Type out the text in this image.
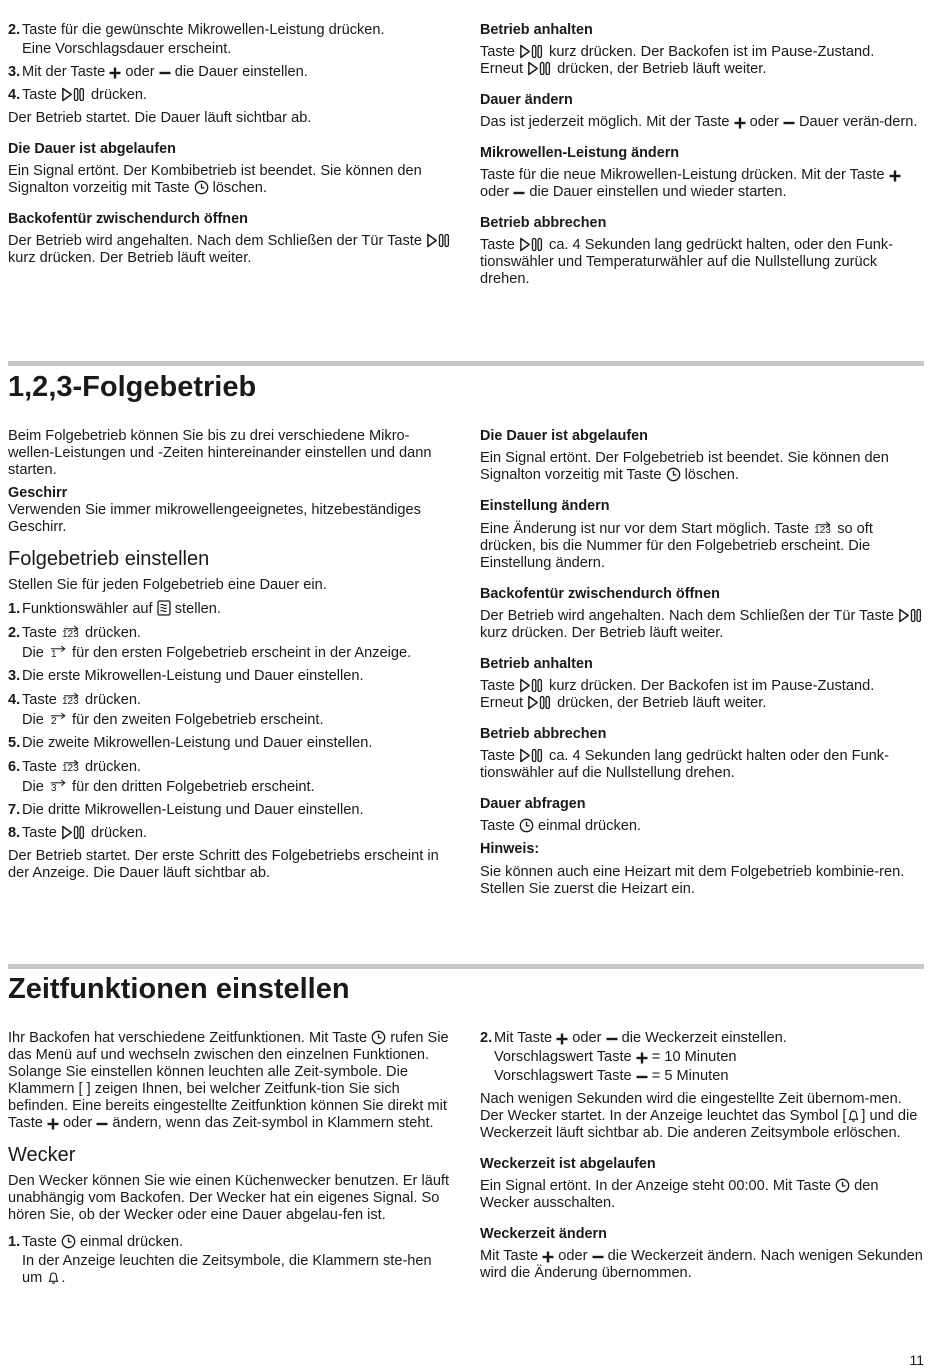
2. Taste für die gewünschte Mikrowellen-Leistung drücken.
Eine Vorschlagsdauer erscheint.
3. Mit der Taste oder die Dauer einstellen.
4. Taste drücken.

Der Betrieb startet. Die Dauer läuft sichtbar ab.

Die Dauer ist abgelaufen

Ein Signal ertönt. Der Kombibetrieb ist beendet. Sie können den Signalton vorzeitig mit Taste löschen.

Backofentür zwischendurch öffnen

Der Betrieb wird angehalten. Nach dem Schließen der Tür Taste  kurz drücken. Der Betrieb läuft weiter.

Betrieb anhalten

Taste kurz drücken. Der Backofen ist im Pause-Zustand.
Erneut drücken, der Betrieb läuft weiter.

Dauer ändern

Das ist jederzeit möglich. Mit der Taste oder Dauer verän-dern.

Mikrowellen-Leistung ändern

Taste für die neue Mikrowellen-Leistung drücken. Mit der Taste  oder die Dauer einstellen und wieder starten.

Betrieb abbrechen

Taste ca. 4 Sekunden lang gedrückt halten, oder den Funk-tionswähler und Temperaturwähler auf die Nullstellung zurück drehen.

1,2,3-Folgebetrieb

Beim Folgebetrieb können Sie bis zu drei verschiedene Mikro-wellen-Leistungen und -Zeiten hintereinander einstellen und dann starten.

Geschirr

Verwenden Sie immer mikrowellengeeignetes, hitzebeständiges Geschirr.

Folgebetrieb einstellen

Stellen Sie für jeden Folgebetrieb eine Dauer ein.

1. Funktionswähler auf stellen.
2. Taste 123 drücken.
Die 1 für den ersten Folgebetrieb erscheint in der Anzeige.
3. Die erste Mikrowellen-Leistung und Dauer einstellen.
4. Taste 123 drücken.
Die 2 für den zweiten Folgebetrieb erscheint.
5. Die zweite Mikrowellen-Leistung und Dauer einstellen.
6. Taste 123 drücken.
Die 3 für den dritten Folgebetrieb erscheint.
7. Die dritte Mikrowellen-Leistung und Dauer einstellen.
8. Taste drücken.

Der Betrieb startet. Der erste Schritt des Folgebetriebs erscheint in der Anzeige. Die Dauer läuft sichtbar ab.

Die Dauer ist abgelaufen

Ein Signal ertönt. Der Folgebetrieb ist beendet. Sie können den Signalton vorzeitig mit Taste löschen.

Einstellung ändern

Eine Änderung ist nur vor dem Start möglich. Taste 123 so oft drücken, bis die Nummer für den Folgebetrieb erscheint. Die Einstellung ändern.

Backofentür zwischendurch öffnen

Der Betrieb wird angehalten. Nach dem Schließen der Tür Taste  kurz drücken. Der Betrieb läuft weiter.

Betrieb anhalten

Taste kurz drücken. Der Backofen ist im Pause-Zustand.
Erneut drücken, der Betrieb läuft weiter.

Betrieb abbrechen

Taste ca. 4 Sekunden lang gedrückt halten oder den Funk-tionswähler auf die Nullstellung drehen.

Dauer abfragen

Taste einmal drücken.

Hinweis:

Sie können auch eine Heizart mit dem Folgebetrieb kombinie-ren. Stellen Sie zuerst die Heizart ein.

Zeitfunktionen einstellen

Ihr Backofen hat verschiedene Zeitfunktionen. Mit Taste rufen Sie das Menü auf und wechseln zwischen den einzelnen Funktionen. Solange Sie einstellen können leuchten alle Zeit-symbole. Die Klammern [ ] zeigen Ihnen, bei welcher Zeitfunk-tion Sie sich befinden. Eine bereits eingestellte Zeitfunktion können Sie direkt mit Taste oder ändern, wenn das Zeit-symbol in Klammern steht.

Wecker

Den Wecker können Sie wie einen Küchenwecker benutzen. Er läuft unabhängig vom Backofen. Der Wecker hat ein eigenes Signal. So hören Sie, ob der Wecker oder eine Dauer abgelau-fen ist.

1. Taste einmal drücken.
In der Anzeige leuchten die Zeitsymbole, die Klammern ste-hen um .
2. Mit Taste oder die Weckerzeit einstellen.
Vorschlagswert Taste = 10 Minuten
Vorschlagswert Taste = 5 Minuten

Nach wenigen Sekunden wird die eingestellte Zeit übernom-men. Der Wecker startet. In der Anzeige leuchtet das Symbol [ ] und die Weckerzeit läuft sichtbar ab. Die anderen Zeitsymbole erlöschen.

Weckerzeit ist abgelaufen

Ein Signal ertönt. In der Anzeige steht 00:00. Mit Taste den Wecker ausschalten.

Weckerzeit ändern

Mit Taste oder die Weckerzeit ändern. Nach wenigen Sekunden wird die Änderung übernommen.

11
